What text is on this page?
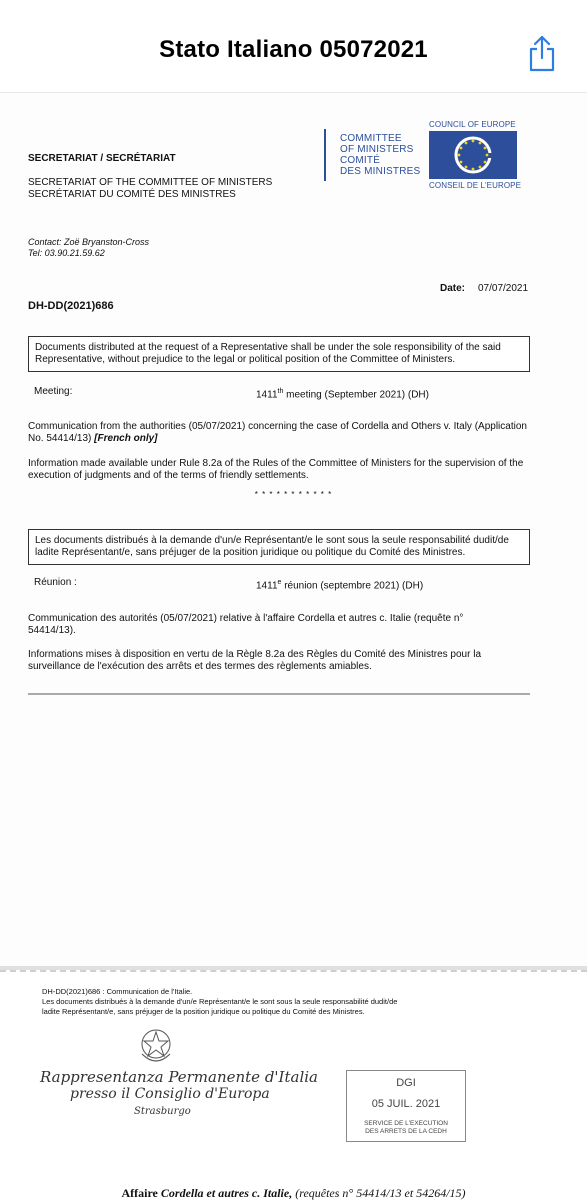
Stato Italiano 05072021
COMMITTEE
OF MINISTERS
COMITÉ
DES MINISTRES
COUNCIL OF EUROPE
CONSEIL DE L'EUROPE
SECRETARIAT / SECRÉTARIAT
SECRETARIAT OF THE COMMITTEE OF MINISTERS
SECRÉTARIAT DU COMITÉ DES MINISTRES
Contact: Zoë Bryanston-Cross
Tel: 03.90.21.59.62
Date: 07/07/2021
DH-DD(2021)686
Documents distributed at the request of a Representative shall be under the sole responsibility of the said Representative, without prejudice to the legal or political position of the Committee of Ministers.
Meeting:	1411th meeting (September 2021) (DH)
Communication from the authorities (05/07/2021) concerning the case of Cordella and Others v. Italy (Application No. 54414/13) [French only]
Information made available under Rule 8.2a of the Rules of the Committee of Ministers for the supervision of the execution of judgments and of the terms of friendly settlements.
* * * * * * * * * * *
Les documents distribués à la demande d'un/e Représentant/e le sont sous la seule responsabilité dudit/de ladite Représentant/e, sans préjuger de la position juridique ou politique du Comité des Ministres.
Réunion :	1411e réunion (septembre 2021) (DH)
Communication des autorités (05/07/2021) relative à l'affaire Cordella et autres c. Italie (requête n° 54414/13).
Informations mises à disposition en vertu de la Règle 8.2a des Règles du Comité des Ministres pour la surveillance de l'exécution des arrêts et des termes des règlements amiables.
DH-DD(2021)686 : Communication de l'Italie.
Les documents distribués à la demande d'un/e Représentant/e le sont sous la seule responsabilité dudit/de
ladite Représentant/e, sans préjuger de la position juridique ou politique du Comité des Ministres.
Rappresentanza Permanente d'Italia
presso il Consiglio d'Europa
Strasburgo
DGI
05 JUIL. 2021
SERVICE DE L'EXECUTION
DES ARRETS DE LA CEDH
Affaire Cordella et autres c. Italie, (requêtes n° 54414/13 et 54264/15)
